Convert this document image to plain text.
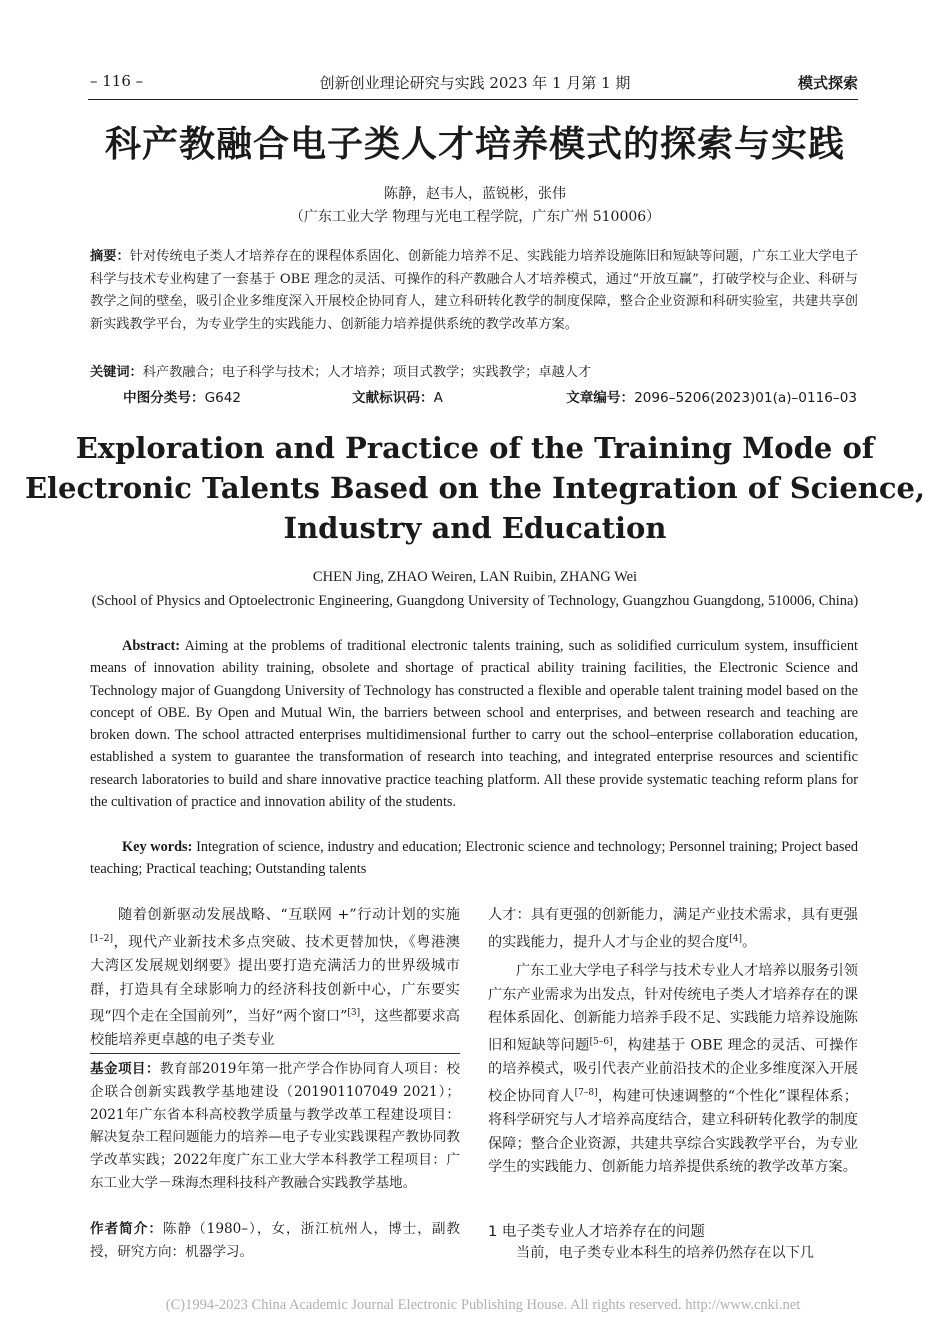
– 116 –	创新创业理论研究与实践 2023 年 1 月第 1 期	模式探索
科产教融合电子类人才培养模式的探索与实践
陈静，赵韦人，蓝锐彬，张伟
（广东工业大学 物理与光电工程学院，广东广州 510006）
摘要：针对传统电子类人才培养存在的课程体系固化、创新能力培养不足、实践能力培养设施陈旧和短缺等问题，广东工业大学电子科学与技术专业构建了一套基于 OBE 理念的灵活、可操作的科产教融合人才培养模式，通过“开放互赢”，打破学校与企业、科研与教学之间的壁垒，吸引企业多维度深入开展校企协同育人，建立科研转化教学的制度保障，整合企业资源和科研实验室，共建共享创新实践教学平台，为专业学生的实践能力、创新能力培养提供系统的教学改革方案。
关键词：科产教融合；电子科学与技术；人才培养；项目式教学；实践教学；卓越人才
中图分类号：G642	文献标识码：A	文章编号：2096–5206(2023)01(a)–0116–03
Exploration and Practice of the Training Mode of
Electronic Talents Based on the Integration of Science,
Industry and Education
CHEN Jing, ZHAO Weiren, LAN Ruibin, ZHANG Wei
(School of Physics and Optoelectronic Engineering, Guangdong University of Technology, Guangzhou Guangdong, 510006, China)
Abstract: Aiming at the problems of traditional electronic talents training, such as solidified curriculum system, insufficient means of innovation ability training, obsolete and shortage of practical ability training facilities, the Electronic Science and Technology major of Guangdong University of Technology has constructed a flexible and operable talent training model based on the concept of OBE. By Open and Mutual Win, the barriers between school and enterprises, and between research and teaching are broken down. The school attracted enterprises multidimensional further to carry out the school–enterprise collaboration education, established a system to guarantee the transformation of research into teaching, and integrated enterprise resources and scientific research laboratories to build and share innovative practice teaching platform. All these provide systematic teaching reform plans for the cultivation of practice and innovation ability of the students.
Key words: Integration of science, industry and education; Electronic science and technology; Personnel training; Project based teaching; Practical teaching; Outstanding talents
随着创新驱动发展战略、“互联网 +”行动计划的实施[1–2]，现代产业新技术多点突破、技术更替加快，《粤港澳大湾区发展规划纲要》提出要打造充满活力的世界级城市群，打造具有全球影响力的经济科技创新中心，广东要实现“四个走在全国前列”，当好“两个窗口”[3]，这些都要求高校能培养更卓越的电子类专业
基金项目：教育部2019年第一批产学合作协同育人项目：校企联合创新实践教学基地建设（201901107049 2021）；2021年广东省本科高校教学质量与教学改革工程建设项目：解决复杂工程问题能力的培养—电子专业实践课程产教协同教学改革实践；2022年度广东工业大学本科教学工程项目：广东工业大学－珠海杰理科技科产教融合实践教学基地。
作者简介：陈静（1980–），女，浙江杭州人，博士，副教授，研究方向：机器学习。
人才：具有更强的创新能力，满足产业技术需求，具有更强的实践能力，提升人才与企业的契合度[4]。
广东工业大学电子科学与技术专业人才培养以服务引领广东产业需求为出发点，针对传统电子类人才培养存在的课程体系固化、创新能力培养手段不足、实践能力培养设施陈旧和短缺等问题[5–6]，构建基于 OBE 理念的灵活、可操作的培养模式，吸引代表产业前沿技术的企业多维度深入开展校企协同育人[7–8]，构建可快速调整的“个性化”课程体系；将科学研究与人才培养高度结合，建立科研转化教学的制度保障；整合企业资源，共建共享综合实践教学平台，为专业学生的实践能力、创新能力培养提供系统的教学改革方案。
1 电子类专业人才培养存在的问题
当前，电子类专业本科生的培养仍然存在以下几
(C)1994-2023 China Academic Journal Electronic Publishing House. All rights reserved. http://www.cnki.net
